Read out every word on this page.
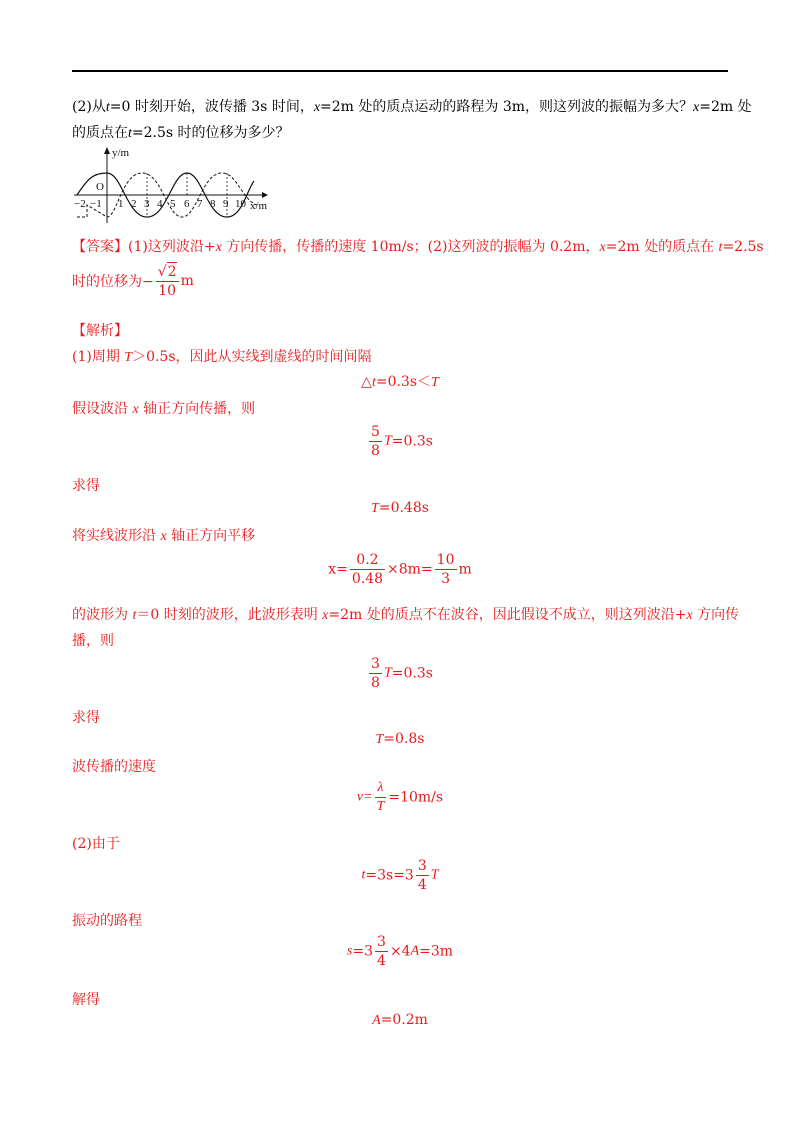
(2)从t=0 时刻开始，波传播 3s 时间，x=2m 处的质点运动的路程为 3m，则这列波的振幅为多大？x=2m 处
的质点在t=2.5s 时的位移为多少？
y/m
x/m
O
−2 −1 1 2 3 4 5 6 7 8 9 10
【答案】(1)这列波沿+x 方向传播，传播的速度 10m/s；(2)这列波的振幅为 0.2m，x=2m 处的质点在 t=2.5s
时的位移为− $\frac{√2}{10}$ m
【解析】
(1)周期 T＞0.5s，因此从实线到虚线的时间间隔
△t=0.3s＜T
假设波沿 x 轴正方向传播，则
$\frac{5}{8} T=0.3s$
求得
T=0.48s
将实线波形沿 x 轴正方向平移
$x= \frac{0.2}{0.48} \times 8m= \frac{10}{3}$ m
的波形为 t＝0 时刻的波形，此波形表明 x=2m 处的质点不在波谷，因此假设不成立，则这列波沿+x 方向传
播，则
$\frac{3}{8} T=0.3s$
求得
T=0.8s
波传播的速度
$v= \frac{\lambda}{T} =10m/s$
(2)由于
$t=3s=3 \frac{3}{4}$ T
振动的路程
$s=3 \frac{3}{4} \times 4A=3m$
解得
A=0.2m
